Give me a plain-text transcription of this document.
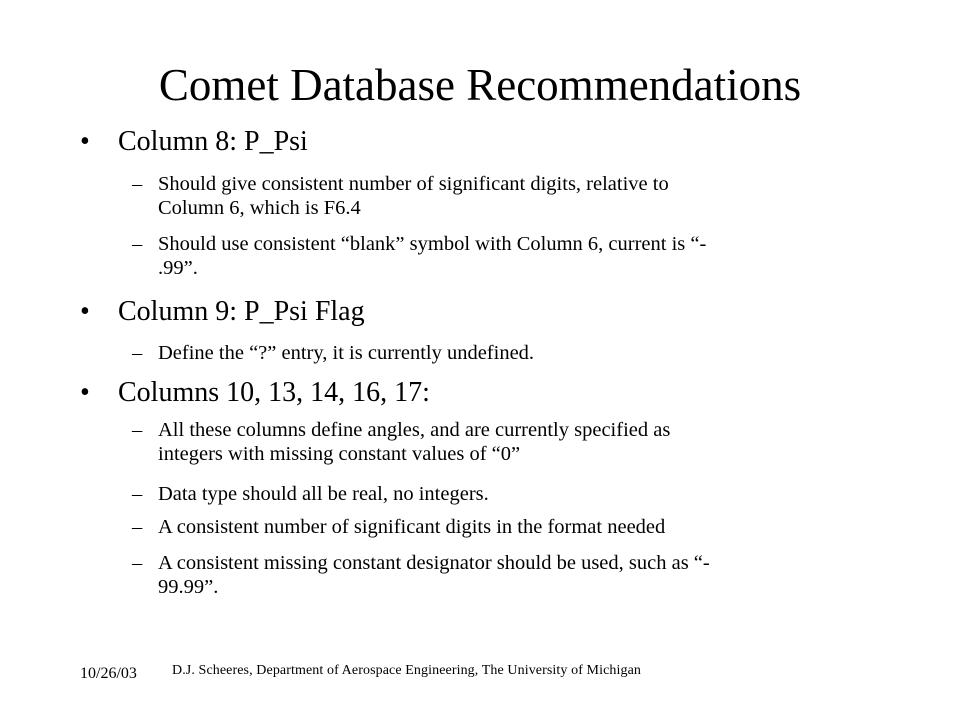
Comet Database Recommendations
• Column 8: P_Psi
– Should give consistent number of significant digits, relative to
Column 6, which is F6.4
– Should use consistent “blank” symbol with Column 6, current is “-
.99”.
• Column 9: P_Psi Flag
– Define the “?” entry, it is currently undefined.
• Columns 10, 13, 14, 16, 17:
– All these columns define angles, and are currently specified as
integers with missing constant values of “0”
– Data type should all be real, no integers.
– A consistent number of significant digits in the format needed
– A consistent missing constant designator should be used, such as “-
99.99”.
10/26/03	D.J. Scheeres, Department of Aerospace Engineering, The University of Michigan
